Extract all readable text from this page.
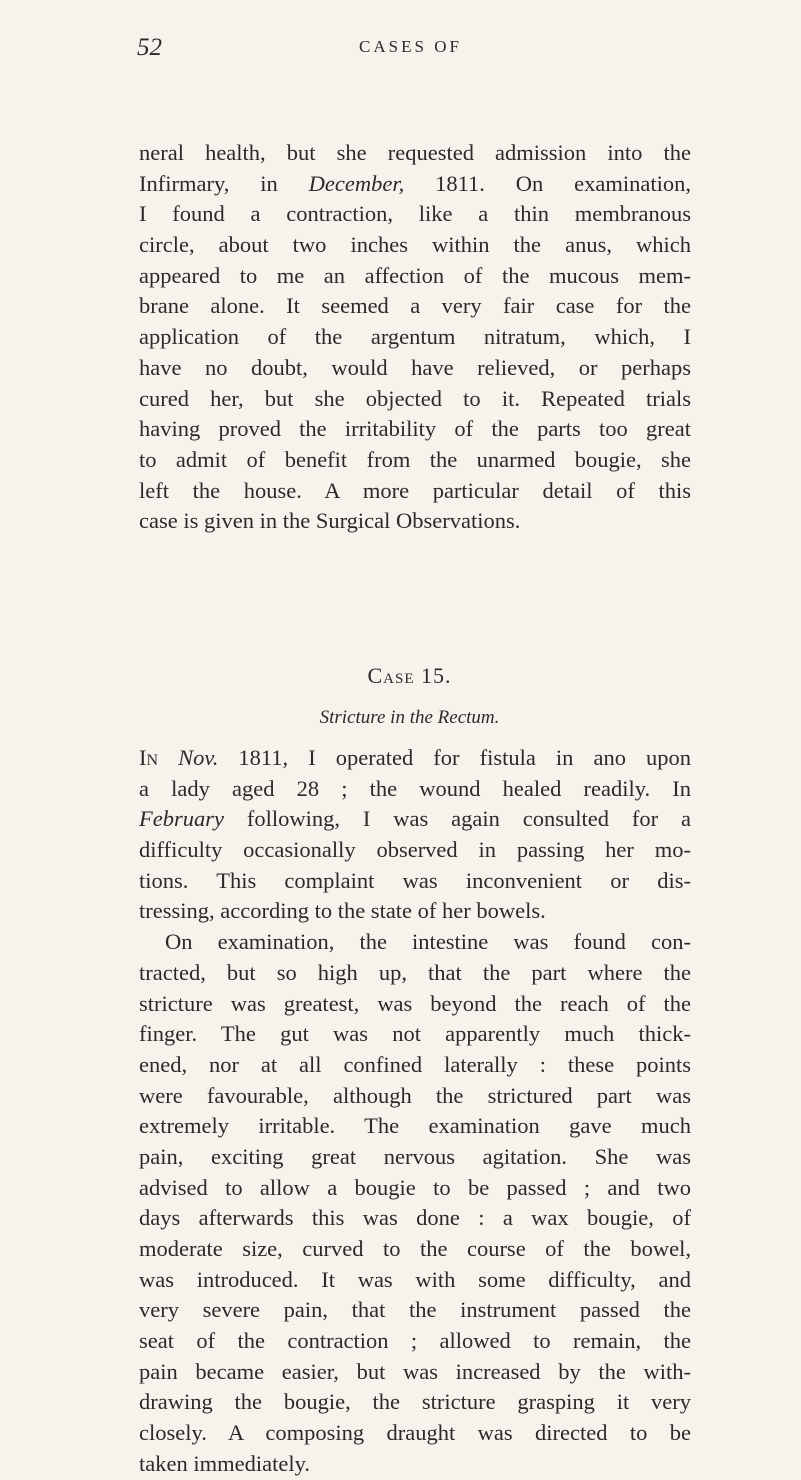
52	CASES OF
neral health, but she requested admission into the
Infirmary, in December, 1811. On examination,
I found a contraction, like a thin membranous
circle, about two inches within the anus, which
appeared to me an affection of the mucous mem-
brane alone. It seemed a very fair case for the
application of the argentum nitratum, which, I
have no doubt, would have relieved, or perhaps
cured her, but she objected to it. Repeated trials
having proved the irritability of the parts too great
to admit of benefit from the unarmed bougie, she
left the house. A more particular detail of this
case is given in the Surgical Observations.
Case 15.
Stricture in the Rectum.
In Nov. 1811, I operated for fistula in ano upon
a lady aged 28 ; the wound healed readily. In
February following, I was again consulted for a
difficulty occasionally observed in passing her mo-
tions. This complaint was inconvenient or dis-
tressing, according to the state of her bowels.
On examination, the intestine was found con-
tracted, but so high up, that the part where the
stricture was greatest, was beyond the reach of the
finger. The gut was not apparently much thick-
ened, nor at all confined laterally : these points
were favourable, although the strictured part was
extremely irritable. The examination gave much
pain, exciting great nervous agitation. She was
advised to allow a bougie to be passed ; and two
days afterwards this was done : a wax bougie, of
moderate size, curved to the course of the bowel,
was introduced. It was with some difficulty, and
very severe pain, that the instrument passed the
seat of the contraction ; allowed to remain, the
pain became easier, but was increased by the with-
drawing the bougie, the stricture grasping it very
closely. A composing draught was directed to be
taken immediately.
